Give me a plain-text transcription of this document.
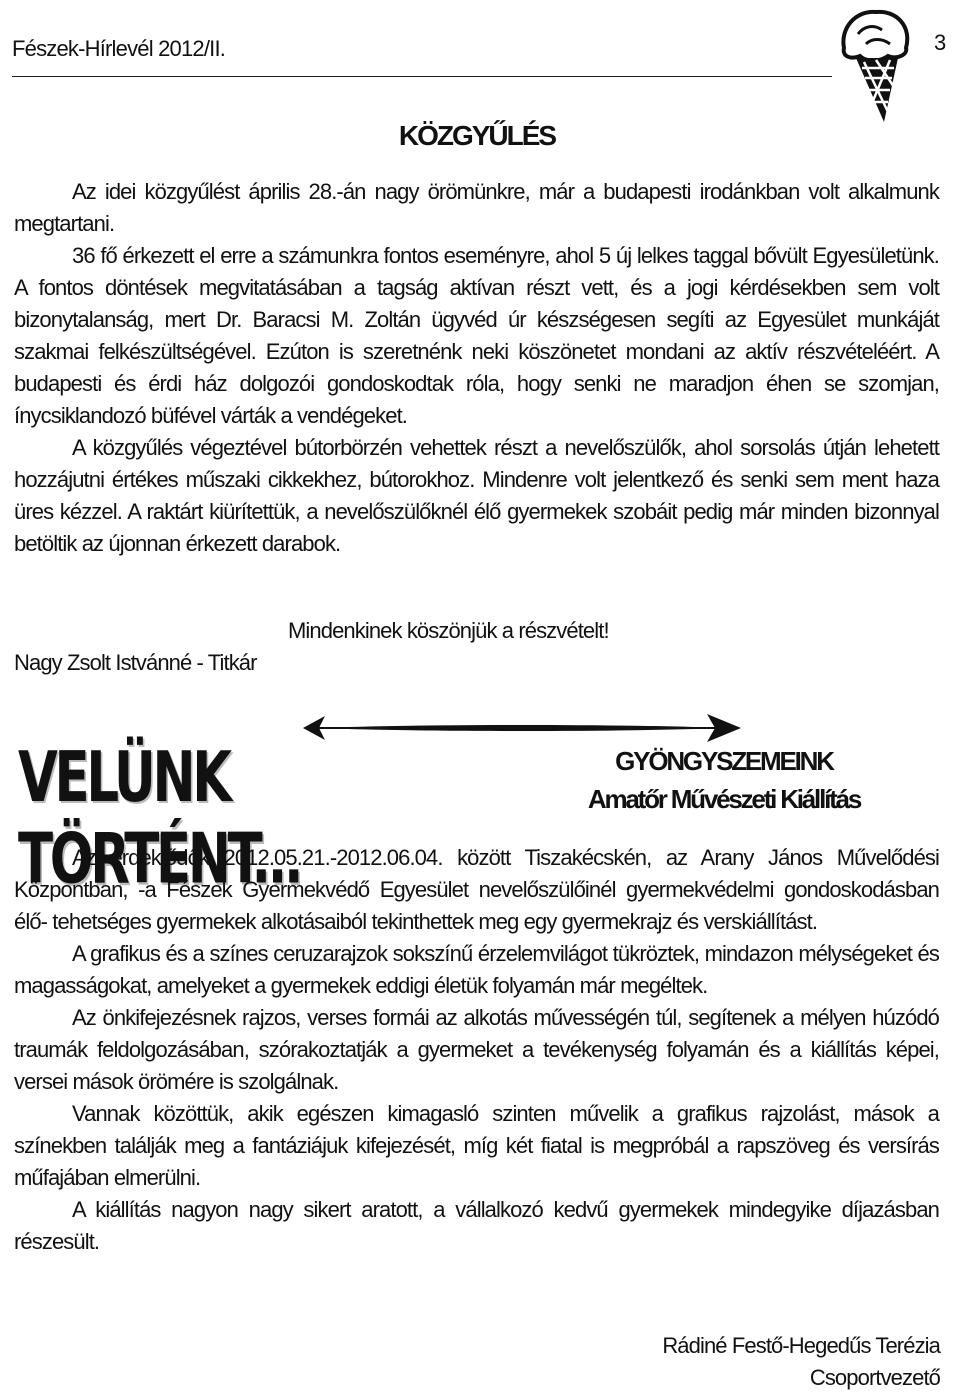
Fészek-Hírlevél 2012/II.	3
KÖZGYŰLÉS

Az idei közgyűlést április 28.-án nagy örömünkre, már a budapesti irodánkban volt alkalmunk megtartani.

36 fő érkezett el erre a számunkra fontos eseményre, ahol 5 új lelkes taggal bővült Egyesületünk. A fontos döntések megvitatásában a tagság aktívan részt vett, és a jogi kérdésekben sem volt bizonytalanság, mert Dr. Baracsi M. Zoltán ügyvéd úr készségesen segíti az Egyesület munkáját szakmai felkészültségével. Ezúton is szeretnénk neki köszönetet mondani az aktív részvételéért. A budapesti és érdi ház dolgozói gondoskodtak róla, hogy senki ne maradjon éhen se szomjan, ínycsiklandozó büfével várták a vendégeket.

A közgyűlés végeztével bútorbörzén vehettek részt a nevelőszülők, ahol sorsolás útján lehetett hozzájutni értékes műszaki cikkekhez, bútorokhoz. Mindenre volt jelentkező és senki sem ment haza üres kézzel. A raktárt kiürítettük, a nevelőszülőknél élő gyermekek szobáit pedig már minden bizonnyal betöltik az újonnan érkezett darabok.

Mindenkinek köszönjük a részvételt!
Nagy Zsolt Istvánné - Titkár
VELÜNK TÖRTÉNT...
GYÖNGYSZEMEINK
Amatőr Művészeti Kiállítás

Az érdeklődők 2012.05.21.-2012.06.04. között Tiszakécskén, az Arany János Művelődési Központban, -a Fészek Gyermekvédő Egyesület nevelőszülőinél gyermekvédelmi gondoskodásban élő- tehetséges gyermekek alkotásaiból tekinthettek meg egy gyermekrajz és verskiállítást.

A grafikus és a színes ceruzarajzok sokszínű érzelemvilágot tükröztek, mindazon mélységeket és magasságokat, amelyeket a gyermekek eddigi életük folyamán már megéltek.

Az önkifejezésnek rajzos, verses formái az alkotás művességén túl, segítenek a mélyen húzódó traumák feldolgozásában, szórakoztatják a gyermeket a tevékenység folyamán és a kiállítás képei, versei mások örömére is szolgálnak.

Vannak közöttük, akik egészen kimagasló szinten művelik a grafikus rajzolást, mások a színekben találják meg a fantáziájuk kifejezését, míg két fiatal is megpróbál a rapszöveg és versírás műfajában elmerülni.

A kiállítás nagyon nagy sikert aratott, a vállalkozó kedvű gyermekek mindegyike díjazásban részesült.

Rádiné Festő-Hegedűs Terézia
Csoportvezető
